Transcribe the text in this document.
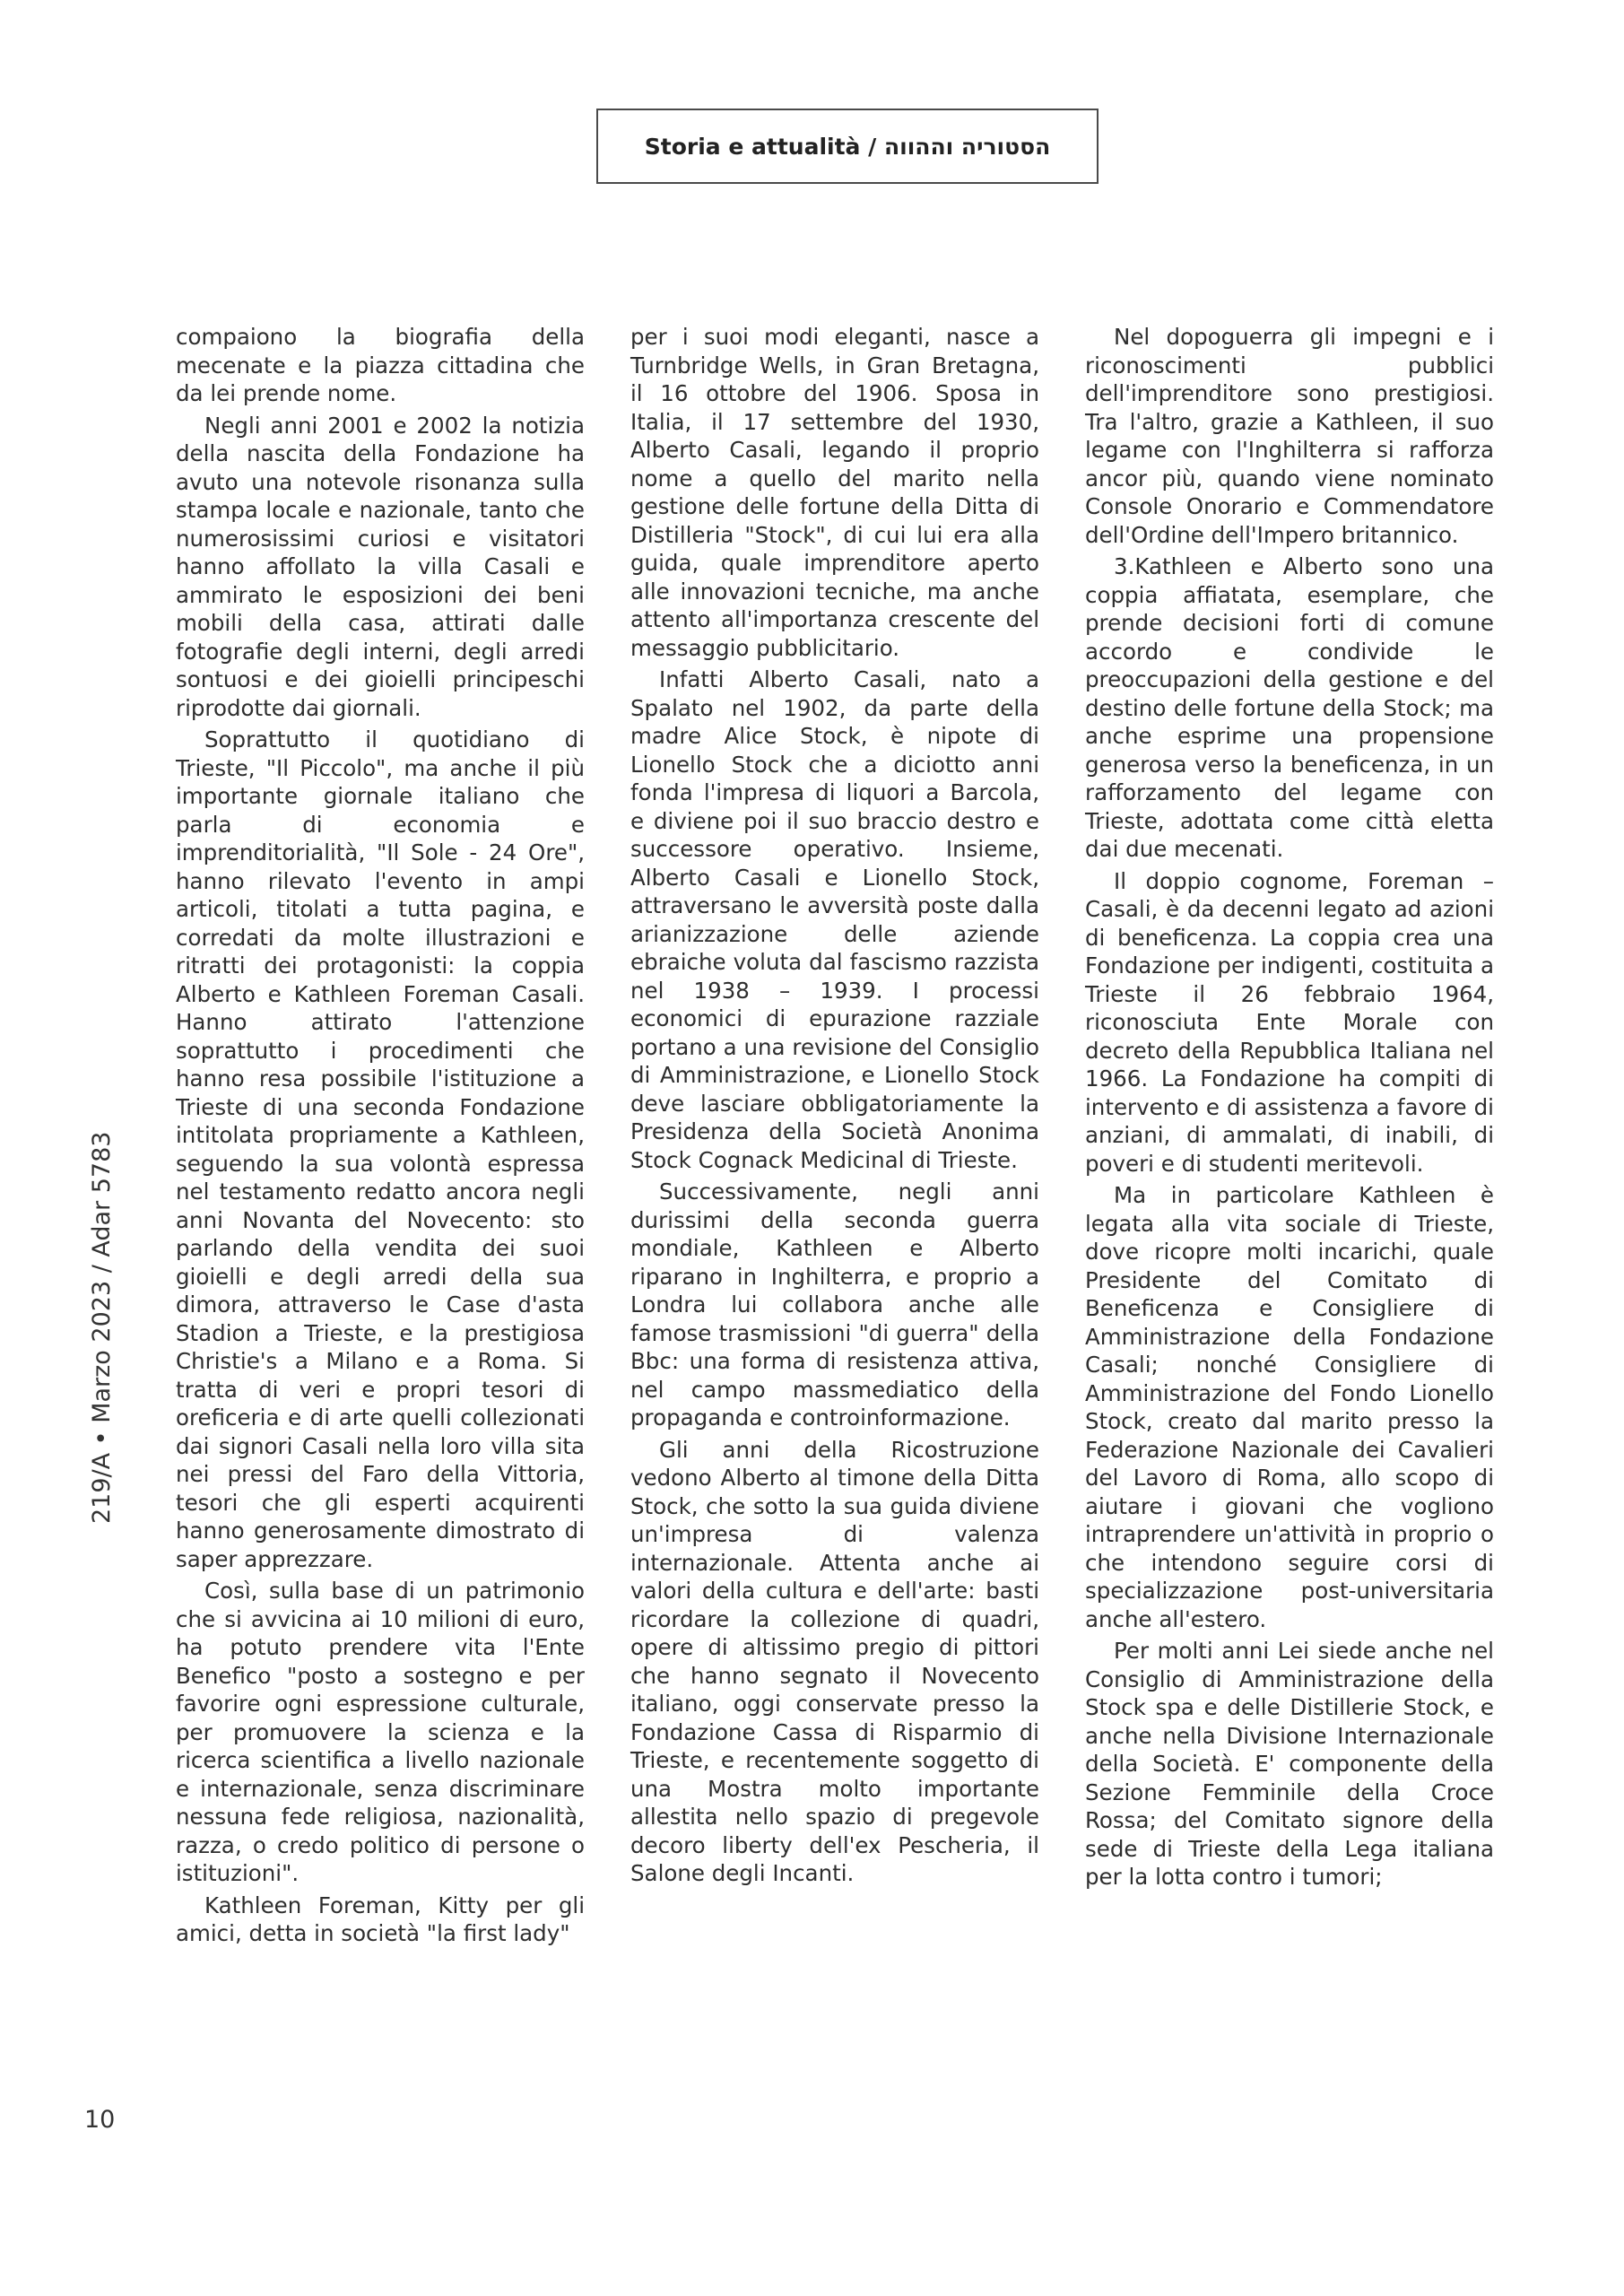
Storia e attualità / הסטוריה וההווה
219/A • Marzo 2023 / Adar 5783

compaiono la biografia della mecenate e la piazza cittadina che da lei prende nome.

Negli anni 2001 e 2002 la notizia della nascita della Fondazione ha avuto una notevole risonanza sulla stampa locale e nazionale, tanto che numerosissimi curiosi e visitatori hanno affollato la villa Casali e ammirato le esposizioni dei beni mobili della casa, attirati dalle fotografie degli interni, degli arredi sontuosi e dei gioielli principeschi riprodotte dai giornali.

Soprattutto il quotidiano di Trieste, "Il Piccolo", ma anche il più importante giornale italiano che parla di economia e imprenditorialità, "Il Sole - 24 Ore", hanno rilevato l'evento in ampi articoli, titolati a tutta pagina, e corredati da molte illustrazioni e ritratti dei protagonisti: la coppia Alberto e Kathleen Foreman Casali. Hanno attirato l'attenzione soprattutto i procedimenti che hanno resa possibile l'istituzione a Trieste di una seconda Fondazione intitolata propriamente a Kathleen, seguendo la sua volontà espressa nel testamento redatto ancora negli anni Novanta del Novecento: sto parlando della vendita dei suoi gioielli e degli arredi della sua dimora, attraverso le Case d'asta Stadion a Trieste, e la prestigiosa Christie's a Milano e a Roma. Si tratta di veri e propri tesori di oreficeria e di arte quelli collezionati dai signori Casali nella loro villa sita nei pressi del Faro della Vittoria, tesori che gli esperti acquirenti hanno generosamente dimostrato di saper apprezzare.

Così, sulla base di un patrimonio che si avvicina ai 10 milioni di euro, ha potuto prendere vita l'Ente Benefico "posto a sostegno e per favorire ogni espressione culturale, per promuovere la scienza e la ricerca scientifica a livello nazionale e internazionale, senza discriminare nessuna fede religiosa, nazionalità, razza, o credo politico di persone o istituzioni".

Kathleen Foreman, Kitty per gli amici, detta in società "la first lady"

per i suoi modi eleganti, nasce a Turnbridge Wells, in Gran Bretagna, il 16 ottobre del 1906. Sposa in Italia, il 17 settembre del 1930, Alberto Casali, legando il proprio nome a quello del marito nella gestione delle fortune della Ditta di Distilleria "Stock", di cui lui era alla guida, quale imprenditore aperto alle innovazioni tecniche, ma anche attento all'importanza crescente del messaggio pubblicitario.

Infatti Alberto Casali, nato a Spalato nel 1902, da parte della madre Alice Stock, è nipote di Lionello Stock che a diciotto anni fonda l'impresa di liquori a Barcola, e diviene poi il suo braccio destro e successore operativo. Insieme, Alberto Casali e Lionello Stock, attraversano le avversità poste dalla arianizzazione delle aziende ebraiche voluta dal fascismo razzista nel 1938 – 1939. I processi economici di epurazione razziale portano a una revisione del Consiglio di Amministrazione, e Lionello Stock deve lasciare obbligatoriamente la Presidenza della Società Anonima Stock Cognack Medicinal di Trieste.

Successivamente, negli anni durissimi della seconda guerra mondiale, Kathleen e Alberto riparano in Inghilterra, e proprio a Londra lui collabora anche alle famose trasmissioni "di guerra" della Bbc: una forma di resistenza attiva, nel campo massmediatico della propaganda e controinformazione.

Gli anni della Ricostruzione vedono Alberto al timone della Ditta Stock, che sotto la sua guida diviene un'impresa di valenza internazionale. Attenta anche ai valori della cultura e dell'arte: basti ricordare la collezione di quadri, opere di altissimo pregio di pittori che hanno segnato il Novecento italiano, oggi conservate presso la Fondazione Cassa di Risparmio di Trieste, e recentemente soggetto di una Mostra molto importante allestita nello spazio di pregevole decoro liberty dell'ex Pescheria, il Salone degli Incanti.

Nel dopoguerra gli impegni e i riconoscimenti pubblici dell'imprenditore sono prestigiosi. Tra l'altro, grazie a Kathleen, il suo legame con l'Inghilterra si rafforza ancor più, quando viene nominato Console Onorario e Commendatore dell'Ordine dell'Impero britannico.

3.Kathleen e Alberto sono una coppia affiatata, esemplare, che prende decisioni forti di comune accordo e condivide le preoccupazioni della gestione e del destino delle fortune della Stock; ma anche esprime una propensione generosa verso la beneficenza, in un rafforzamento del legame con Trieste, adottata come città eletta dai due mecenati.

Il doppio cognome, Foreman – Casali, è da decenni legato ad azioni di beneficenza. La coppia crea una Fondazione per indigenti, costituita a Trieste il 26 febbraio 1964, riconosciuta Ente Morale con decreto della Repubblica Italiana nel 1966. La Fondazione ha compiti di intervento e di assistenza a favore di anziani, di ammalati, di inabili, di poveri e di studenti meritevoli.

Ma in particolare Kathleen è legata alla vita sociale di Trieste, dove ricopre molti incarichi, quale Presidente del Comitato di Beneficenza e Consigliere di Amministrazione della Fondazione Casali; nonché Consigliere di Amministrazione del Fondo Lionello Stock, creato dal marito presso la Federazione Nazionale dei Cavalieri del Lavoro di Roma, allo scopo di aiutare i giovani che vogliono intraprendere un'attività in proprio o che intendono seguire corsi di specializzazione post-universitaria anche all'estero.

Per molti anni Lei siede anche nel Consiglio di Amministrazione della Stock spa e delle Distillerie Stock, e anche nella Divisione Internazionale della Società. E' componente della Sezione Femminile della Croce Rossa; del Comitato signore della sede di Trieste della Lega italiana per la lotta contro i tumori;

10
